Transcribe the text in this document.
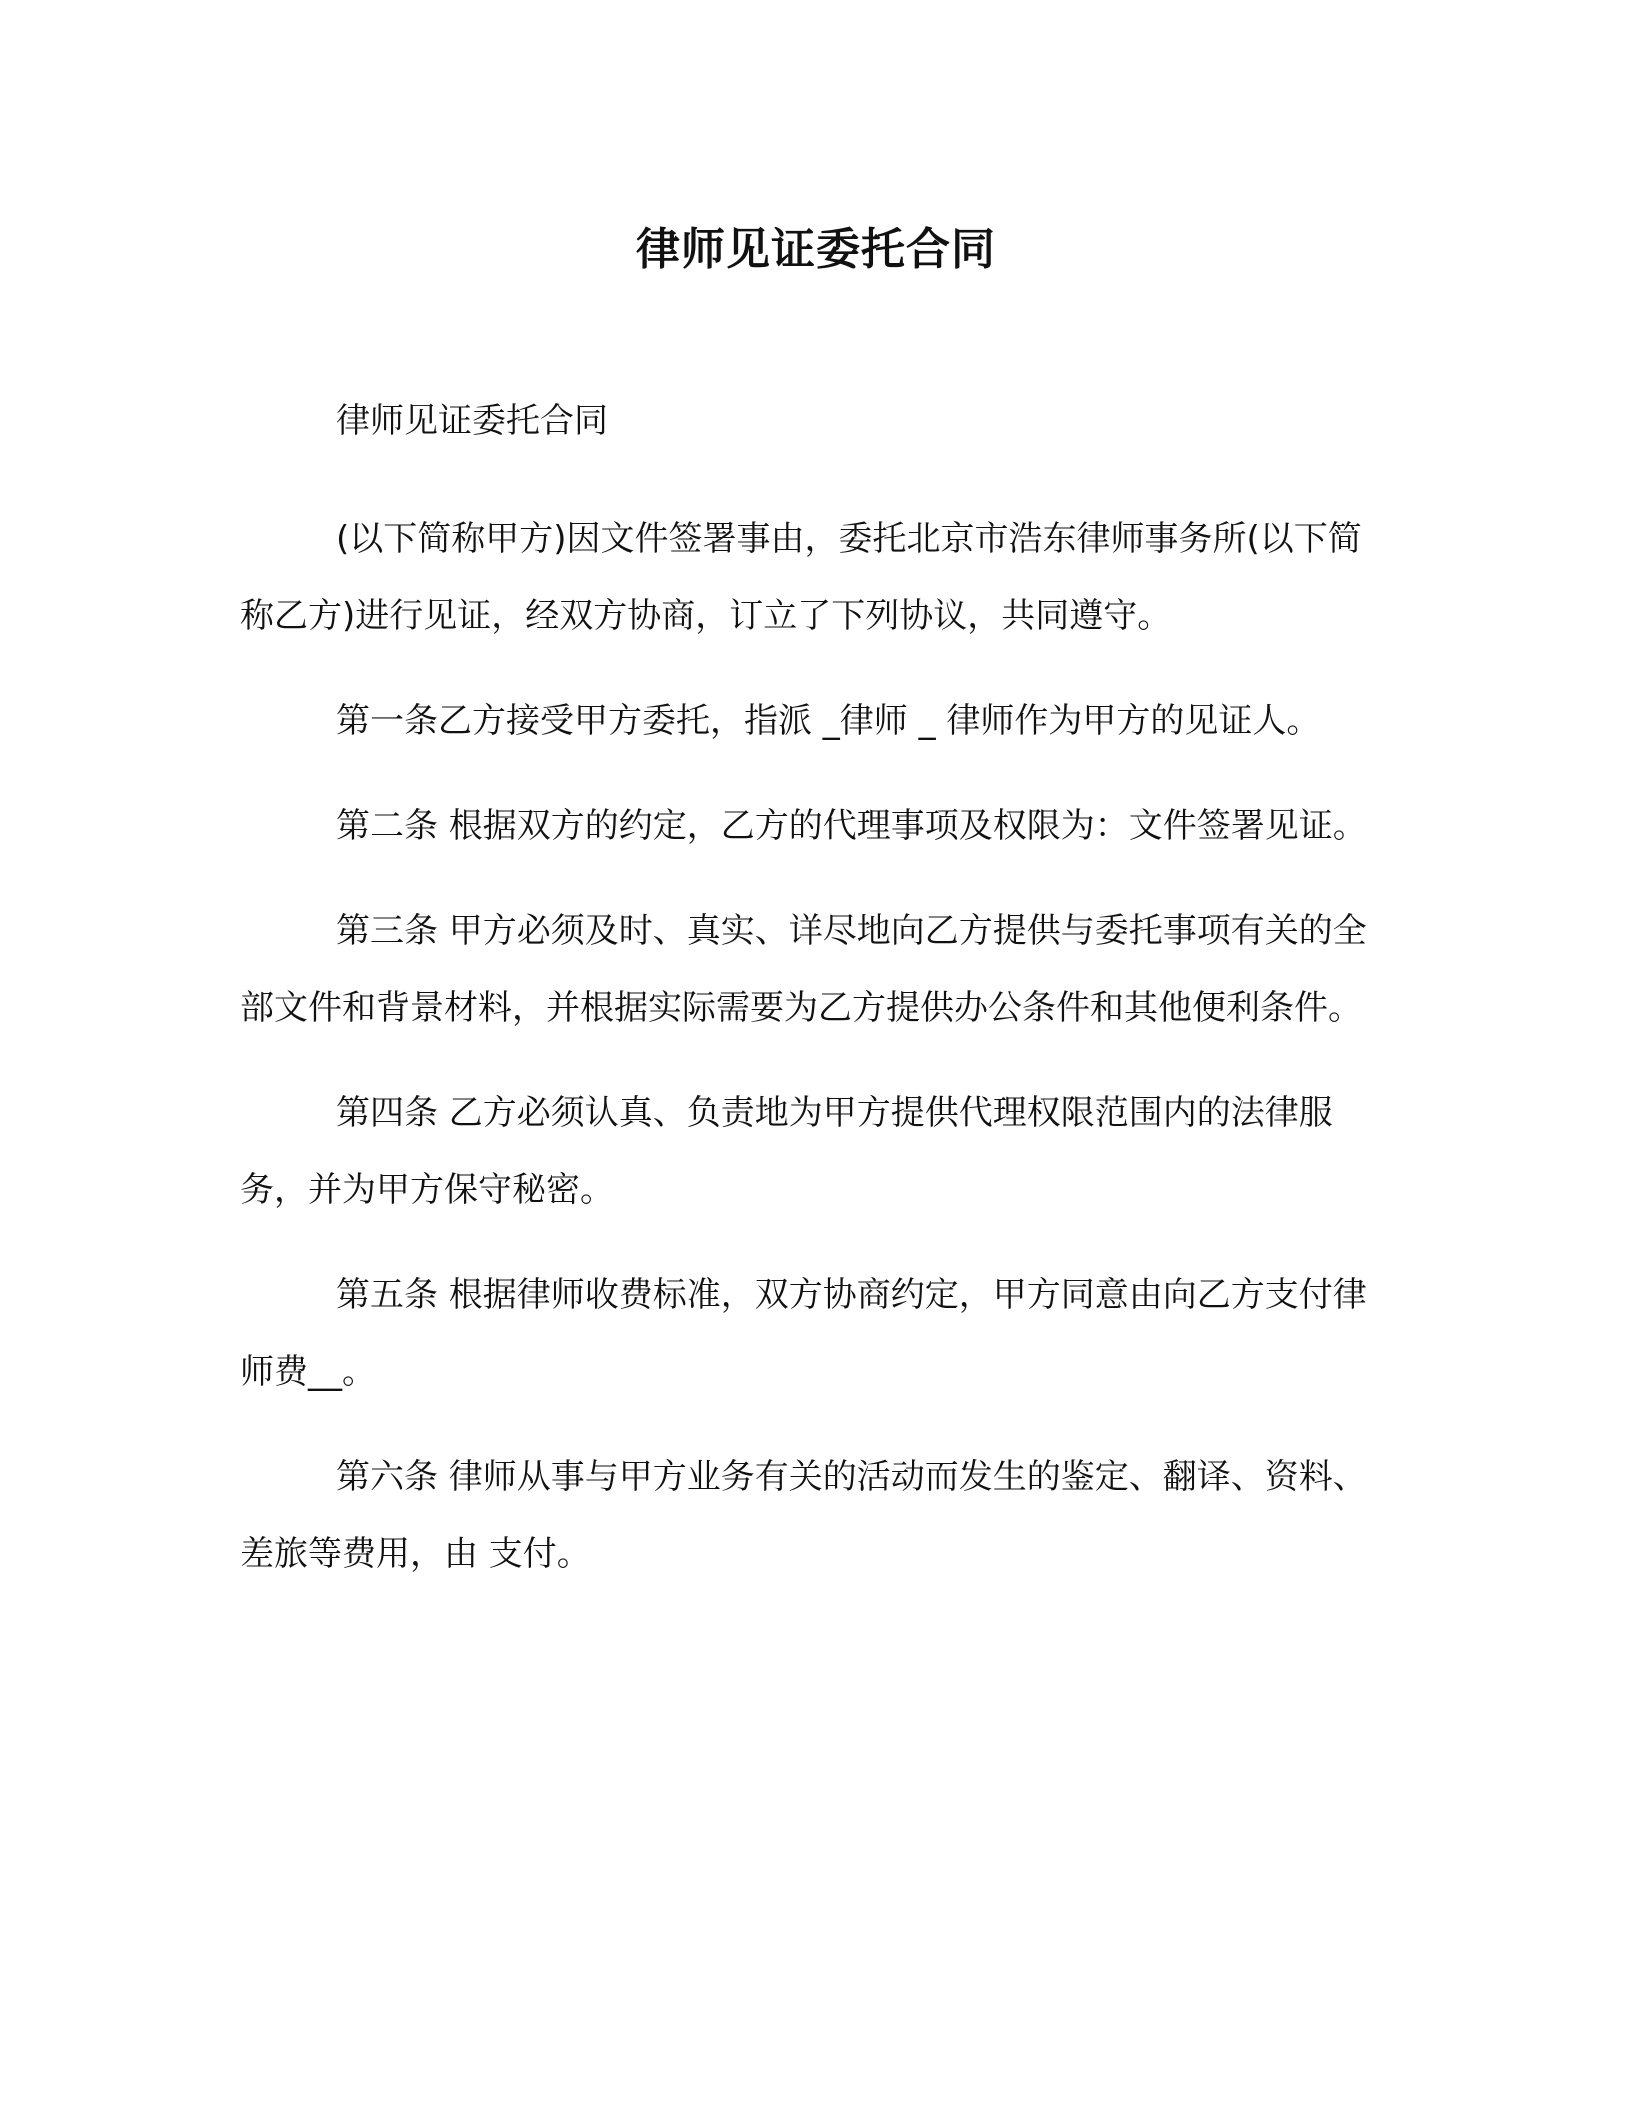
律师见证委托合同

律师见证委托合同

(以下简称甲方)因文件签署事由，委托北京市浩东律师事务所(以下简称乙方)进行见证，经双方协商，订立了下列协议，共同遵守。

第一条乙方接受甲方委托，指派 _律师 _ 律师作为甲方的见证人。

第二条 根据双方的约定，乙方的代理事项及权限为：文件签署见证。

第三条 甲方必须及时、真实、详尽地向乙方提供与委托事项有关的全部文件和背景材料，并根据实际需要为乙方提供办公条件和其他便利条件。

第四条 乙方必须认真、负责地为甲方提供代理权限范围内的法律服务，并为甲方保守秘密。

第五条 根据律师收费标准，双方协商约定，甲方同意由向乙方支付律师费__。

第六条 律师从事与甲方业务有关的活动而发生的鉴定、翻译、资料、差旅等费用，由 支付。
